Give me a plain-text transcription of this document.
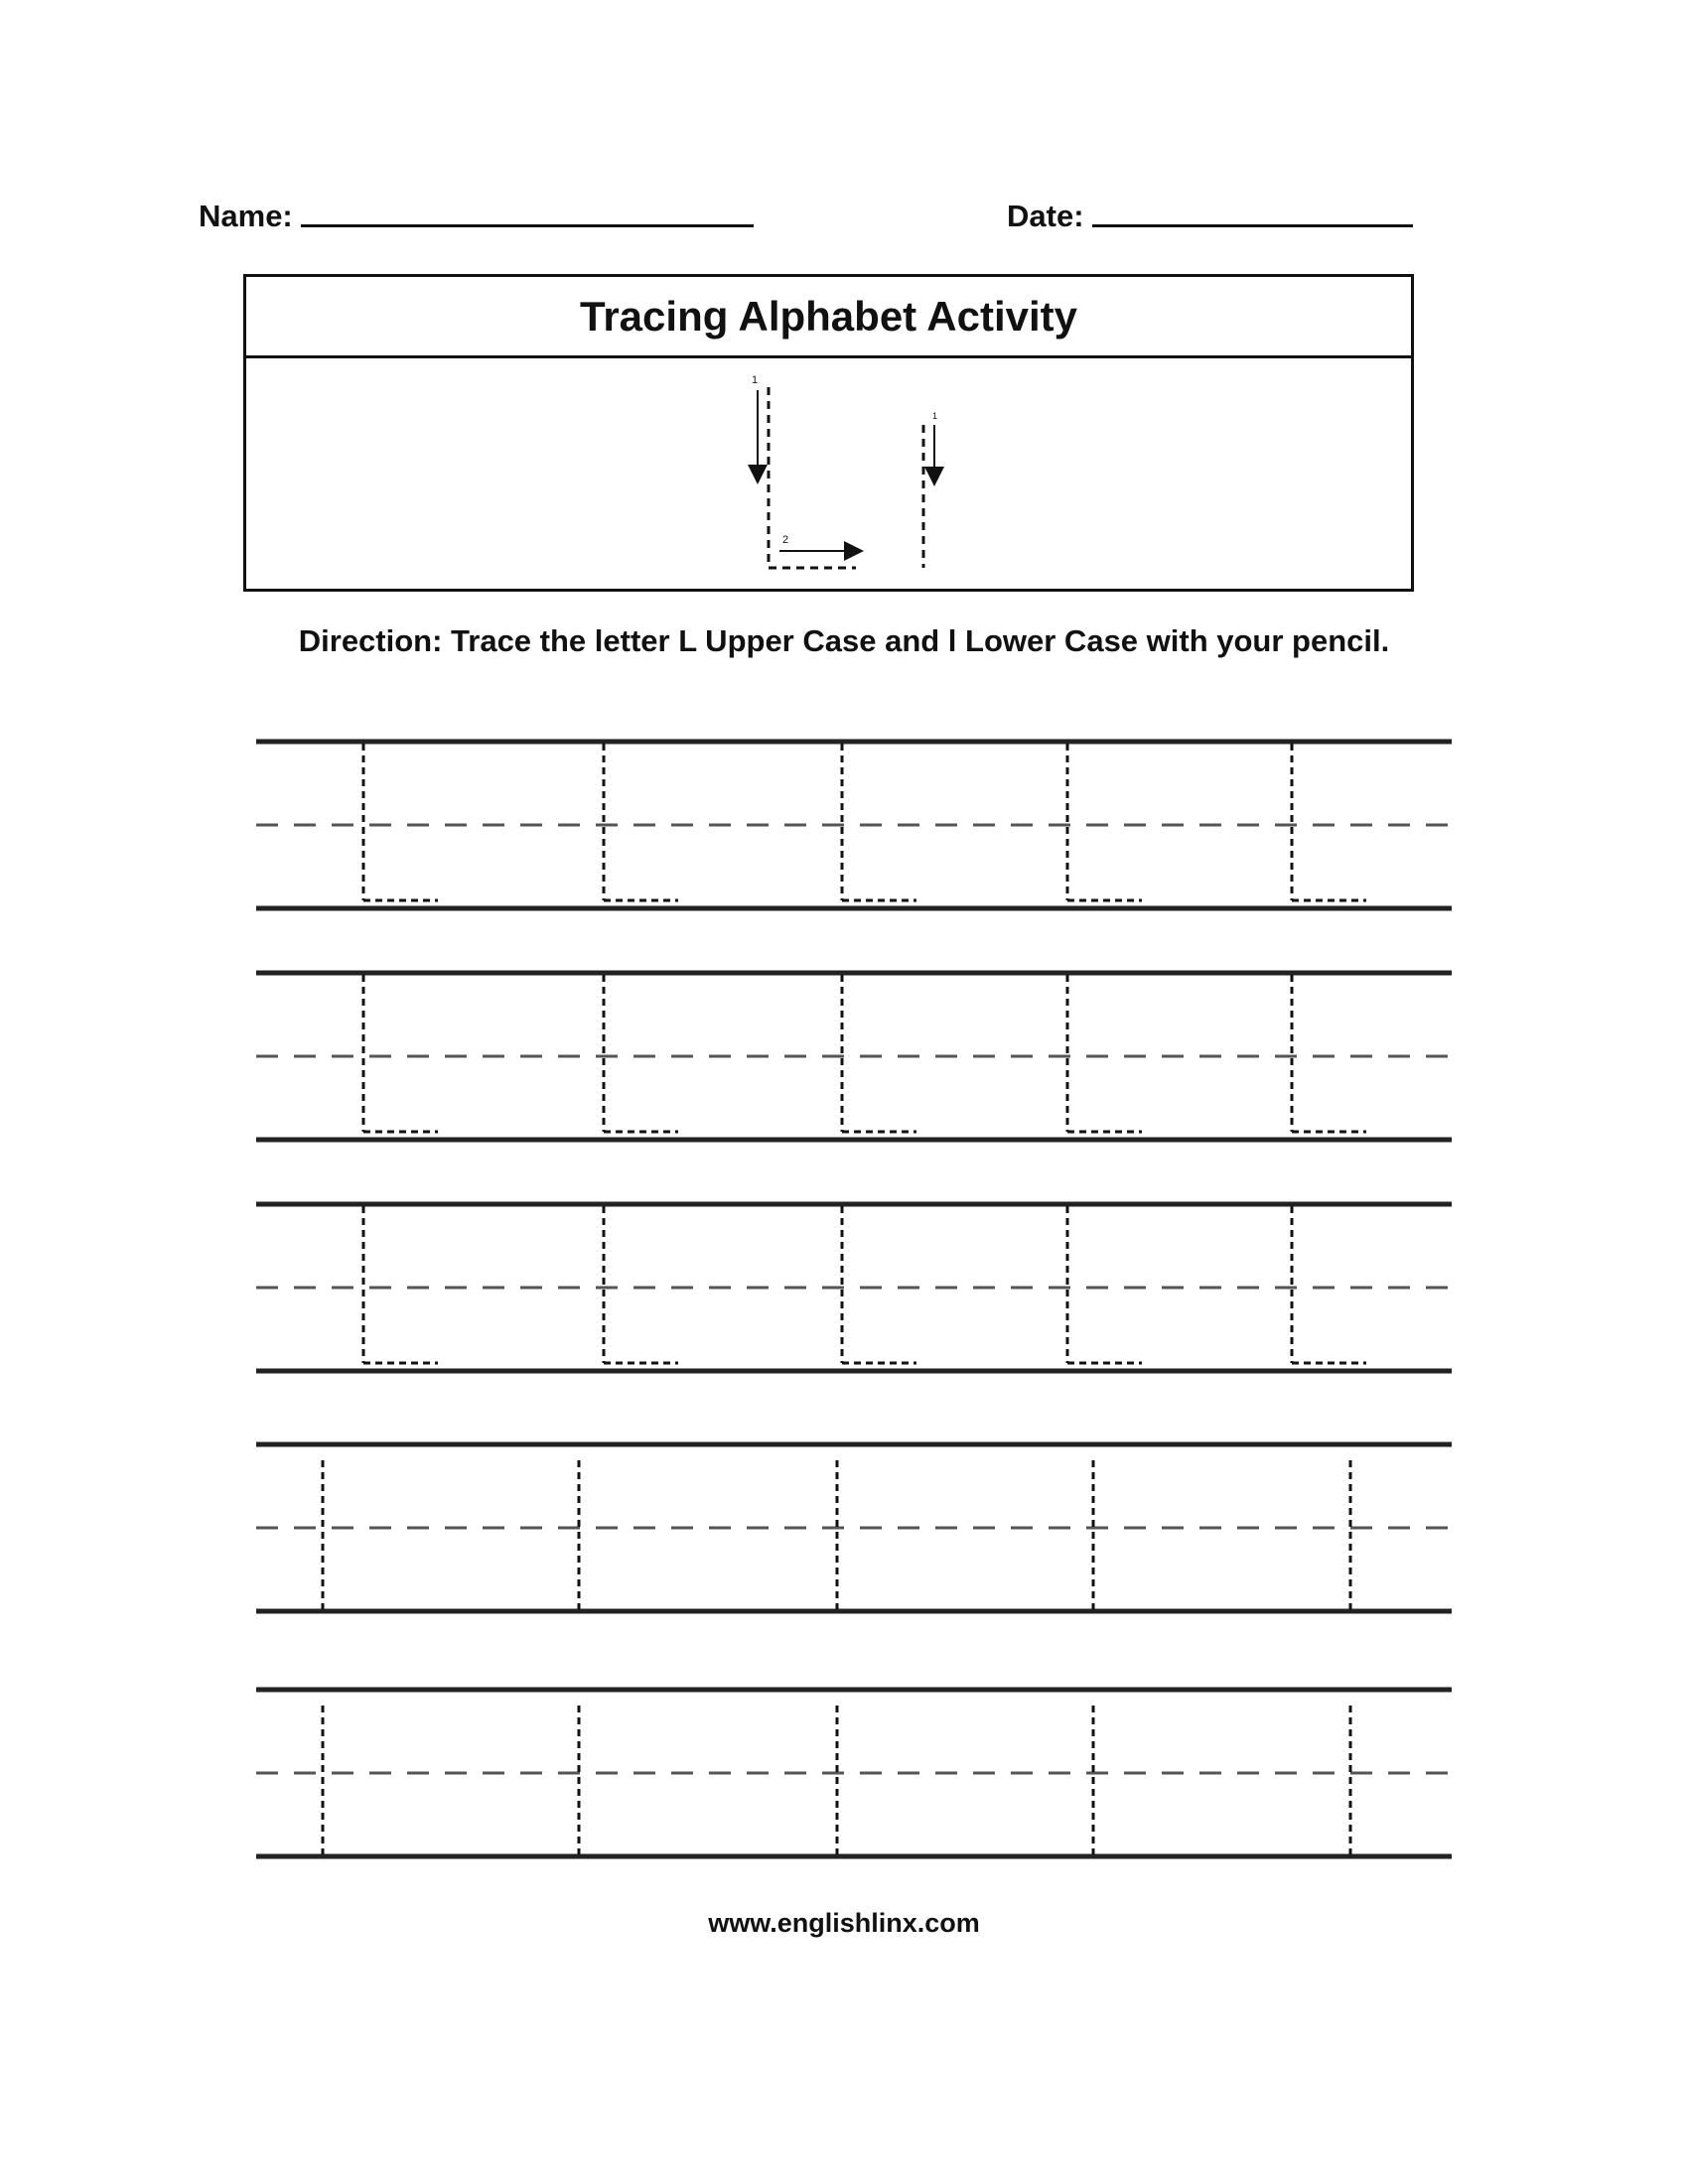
Name:	Date:
Tracing Alphabet Activity
1
2
1
Direction: Trace the letter L Upper Case and l Lower Case with your pencil.
www.englishlinx.com
